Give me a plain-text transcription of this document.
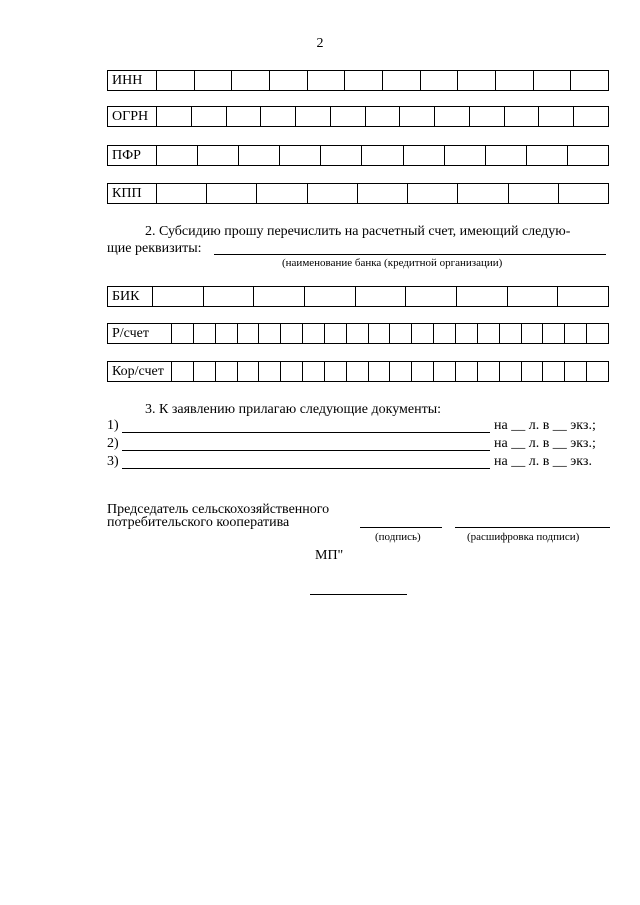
2
ИНН
ОГРН
ПФР
КПП
2. Субсидию прошу перечислить на расчетный счет, имеющий следую-
щие реквизиты:
(наименование банка (кредитной организации)
БИК
Р/счет
Кор/счет
3. К заявлению прилагаю следующие документы:
1)	на __ л. в __ экз.;
2)	на __ л. в __ экз.;
3)	на __ л. в __ экз.
Председатель сельскохозяйственного
потребительского кооператива
(подпись)	(расшифровка подписи)
МП"
